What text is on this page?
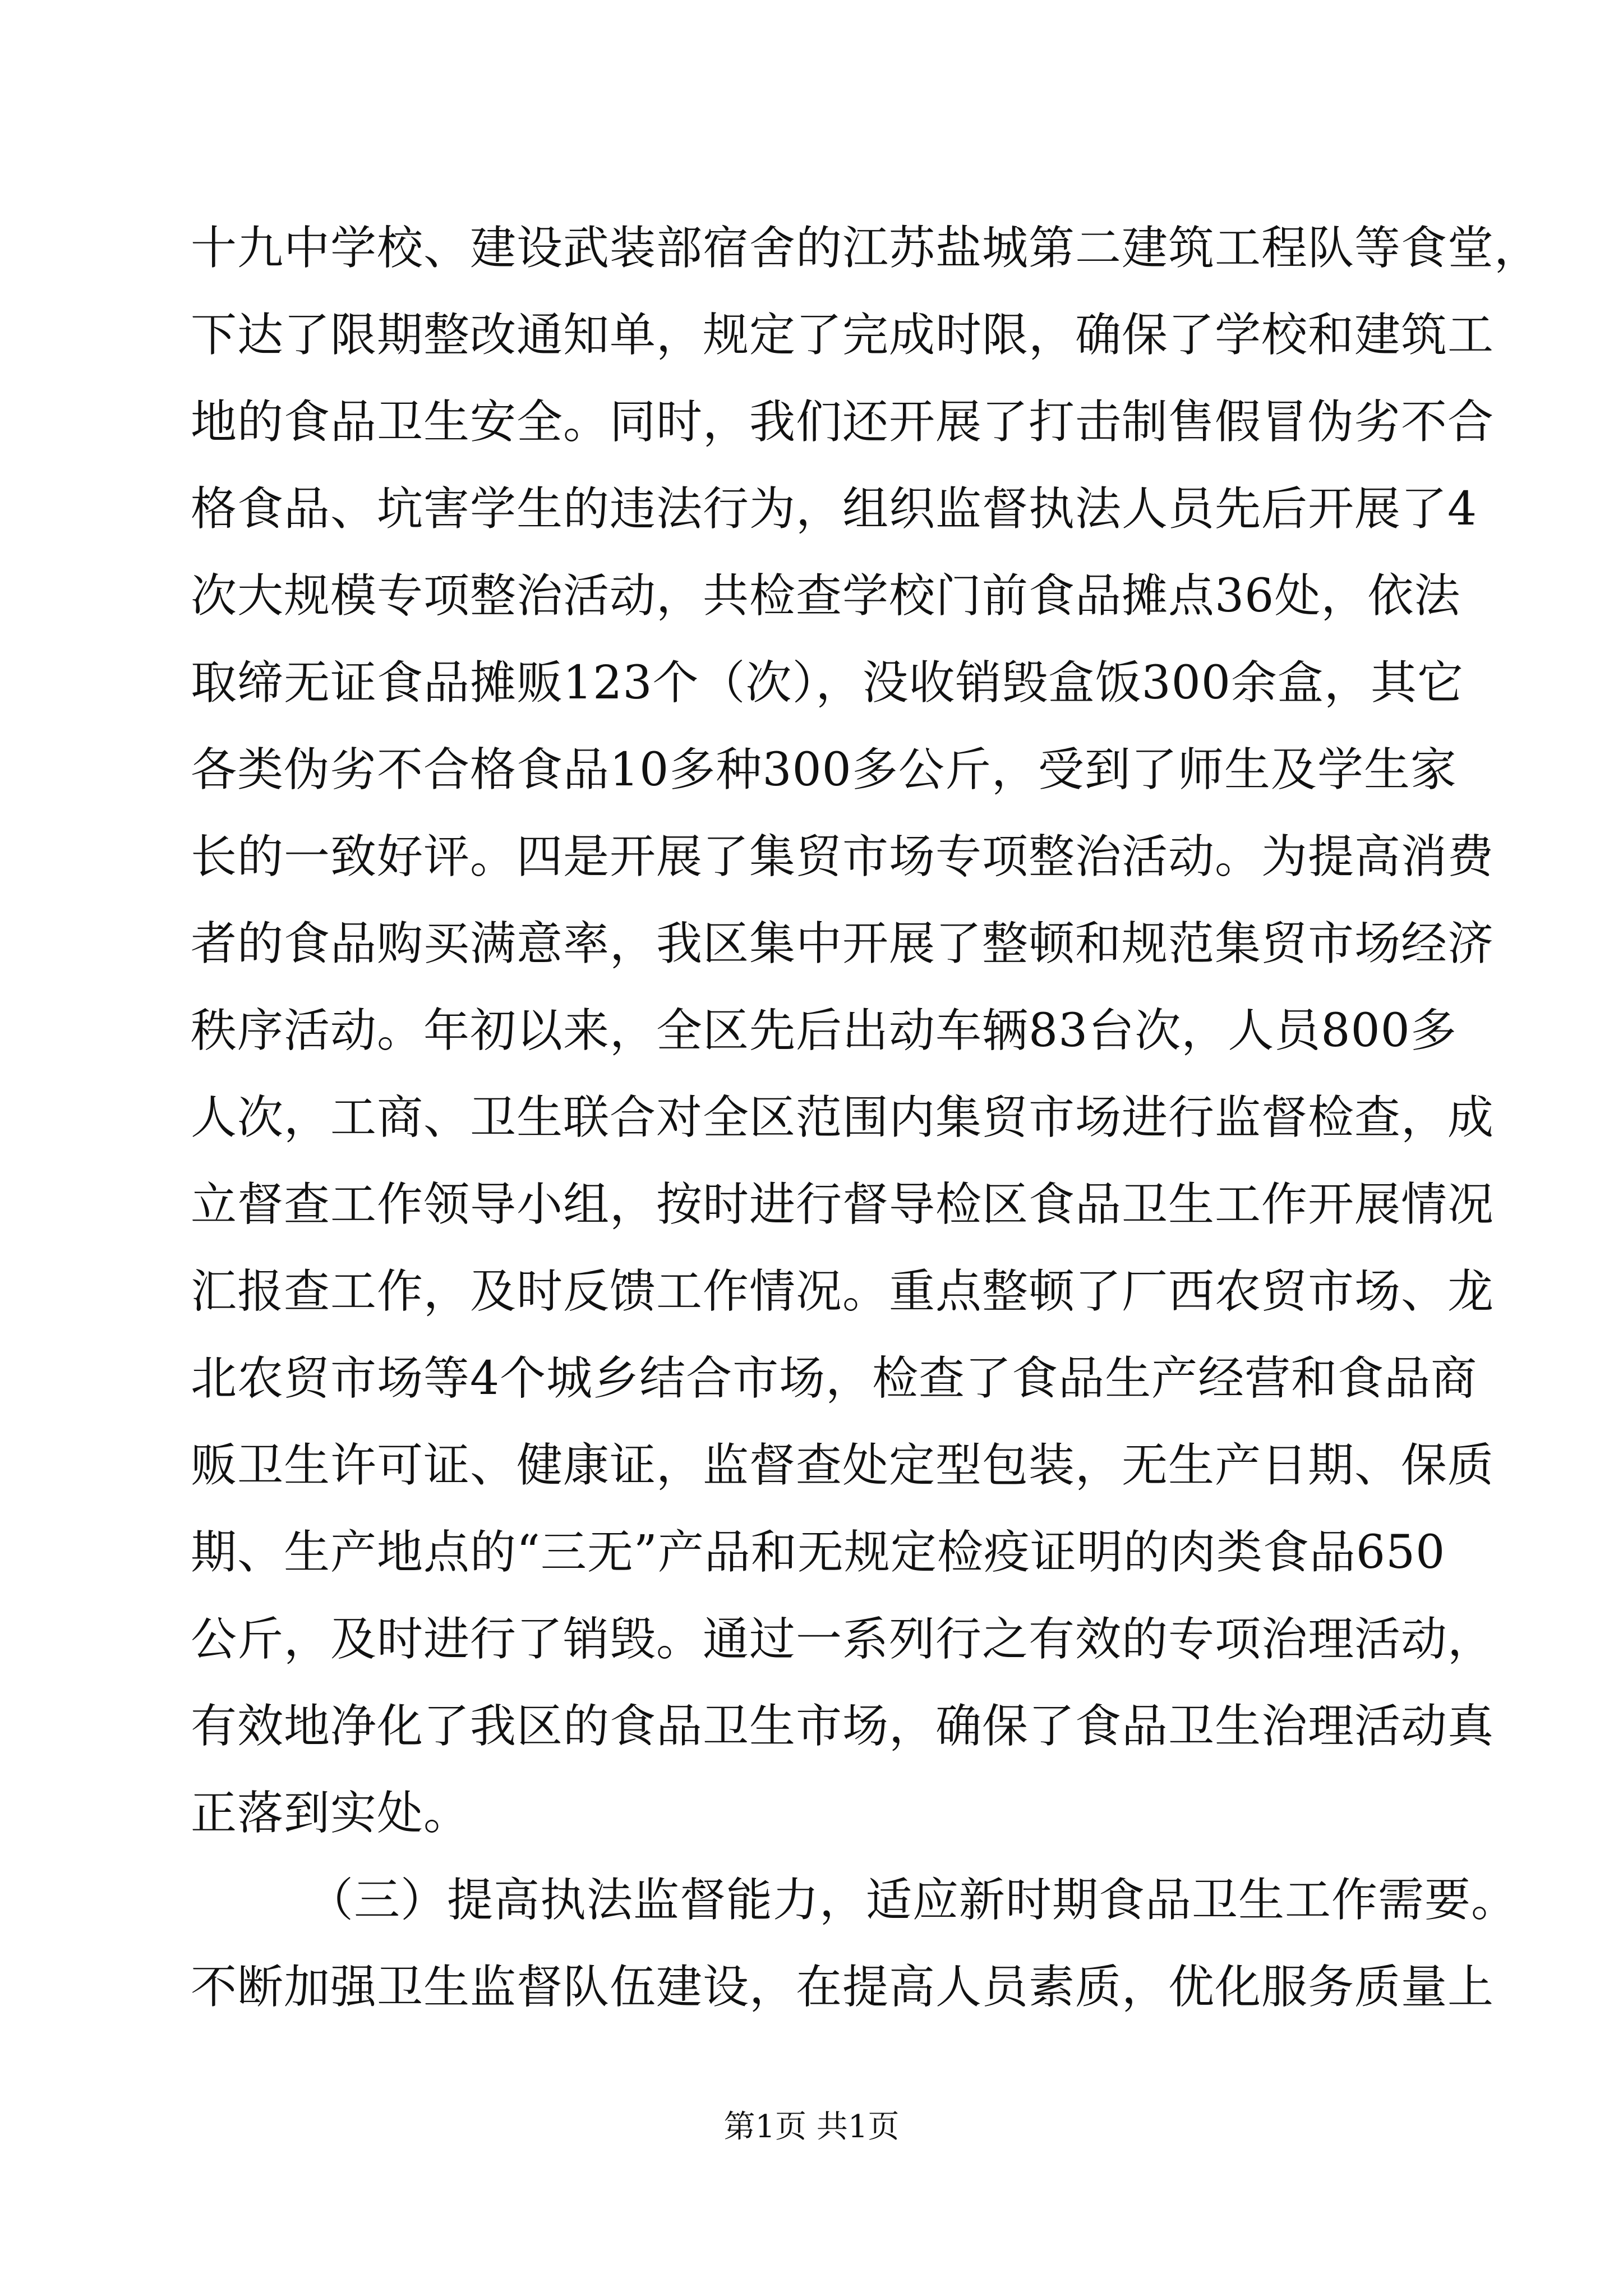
十九中学校、建设武装部宿舍的江苏盐城第二建筑工程队等食堂，
下达了限期整改通知单，规定了完成时限，确保了学校和建筑工
地的食品卫生安全。同时，我们还开展了打击制售假冒伪劣不合
格食品、坑害学生的违法行为，组织监督执法人员先后开展了4
次大规模专项整治活动，共检查学校门前食品摊点36处，依法
取缔无证食品摊贩123个（次），没收销毁盒饭300余盒，其它
各类伪劣不合格食品10多种300多公斤，受到了师生及学生家
长的一致好评。四是开展了集贸市场专项整治活动。为提高消费
者的食品购买满意率，我区集中开展了整顿和规范集贸市场经济
秩序活动。年初以来，全区先后出动车辆83台次，人员800多
人次，工商、卫生联合对全区范围内集贸市场进行监督检查，成
立督查工作领导小组，按时进行督导检区食品卫生工作开展情况
汇报查工作，及时反馈工作情况。重点整顿了厂西农贸市场、龙
北农贸市场等4个城乡结合市场，检查了食品生产经营和食品商
贩卫生许可证、健康证，监督查处定型包装，无生产日期、保质
期、生产地点的“三无”产品和无规定检疫证明的肉类食品650
公斤，及时进行了销毁。通过一系列行之有效的专项治理活动，
有效地净化了我区的食品卫生市场，确保了食品卫生治理活动真
正落到实处。
（三）提高执法监督能力，适应新时期食品卫生工作需要。
不断加强卫生监督队伍建设，在提高人员素质，优化服务质量上
第1页 共1页
